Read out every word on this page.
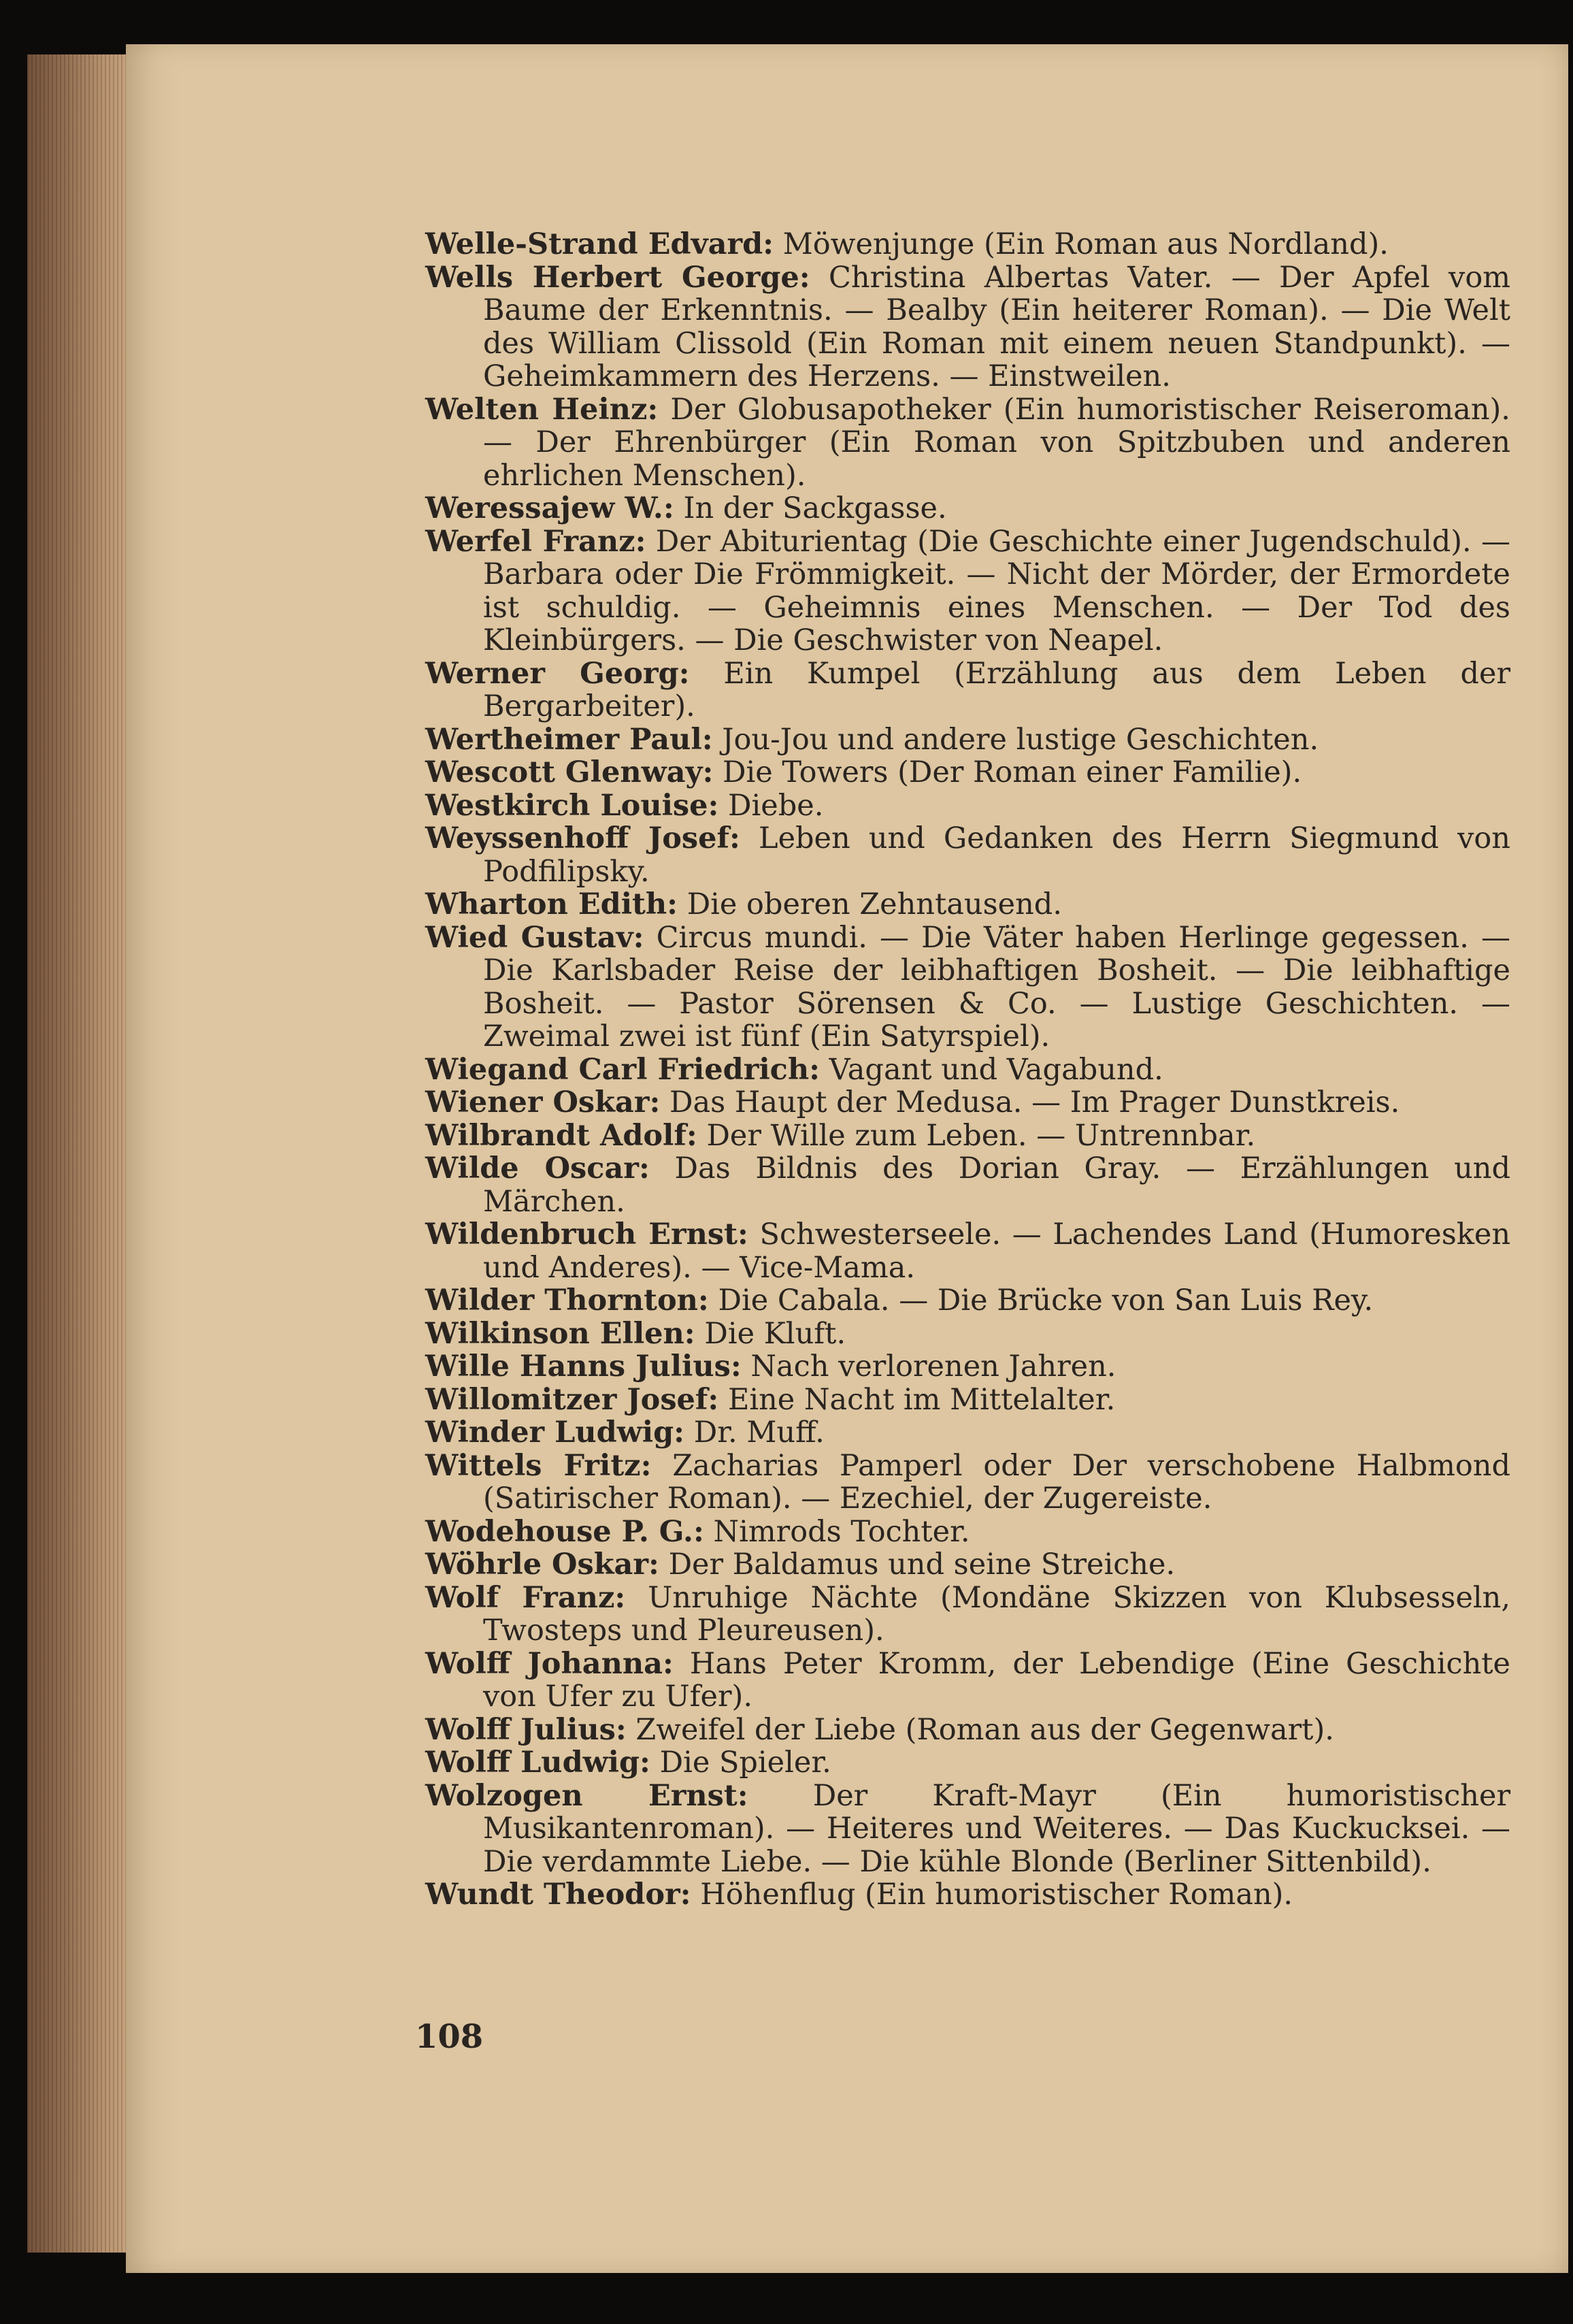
Welle-Strand Edvard: Möwenjunge (Ein Roman aus Nordland).

Wells Herbert George: Christina Albertas Vater. — Der Apfel vom Baume der Erkenntnis. — Bealby (Ein heiterer Roman). — Die Welt des William Clissold (Ein Roman mit einem neuen Standpunkt). — Geheimkammern des Herzens. — Einstweilen.

Welten Heinz: Der Globusapotheker (Ein humoristischer Reiseroman). — Der Ehrenbürger (Ein Roman von Spitzbuben und anderen ehrlichen Menschen).

Weressajew W.: In der Sackgasse.

Werfel Franz: Der Abiturientag (Die Geschichte einer Jugendschuld). — Barbara oder Die Frömmigkeit. — Nicht der Mörder, der Ermordete ist schuldig. — Geheimnis eines Menschen. — Der Tod des Kleinbürgers. — Die Geschwister von Neapel.

Werner Georg: Ein Kumpel (Erzählung aus dem Leben der Bergarbeiter).

Wertheimer Paul: Jou-Jou und andere lustige Geschichten.

Wescott Glenway: Die Towers (Der Roman einer Familie).

Westkirch Louise: Diebe.

Weyssenhoff Josef: Leben und Gedanken des Herrn Siegmund von Podfilipsky.

Wharton Edith: Die oberen Zehntausend.

Wied Gustav: Circus mundi. — Die Väter haben Herlinge gegessen. — Die Karlsbader Reise der leibhaftigen Bosheit. — Die leibhaftige Bosheit. — Pastor Sörensen & Co. — Lustige Geschichten. — Zweimal zwei ist fünf (Ein Satyrspiel).

Wiegand Carl Friedrich: Vagant und Vagabund.

Wiener Oskar: Das Haupt der Medusa. — Im Prager Dunstkreis.

Wilbrandt Adolf: Der Wille zum Leben. — Untrennbar.

Wilde Oscar: Das Bildnis des Dorian Gray. — Erzählungen und Märchen.

Wildenbruch Ernst: Schwesterseele. — Lachendes Land (Humoresken und Anderes). — Vice-Mama.

Wilder Thornton: Die Cabala. — Die Brücke von San Luis Rey.

Wilkinson Ellen: Die Kluft.

Wille Hanns Julius: Nach verlorenen Jahren.

Willomitzer Josef: Eine Nacht im Mittelalter.

Winder Ludwig: Dr. Muff.

Wittels Fritz: Zacharias Pamperl oder Der verschobene Halbmond (Satirischer Roman). — Ezechiel, der Zugereiste.

Wodehouse P. G.: Nimrods Tochter.

Wöhrle Oskar: Der Baldamus und seine Streiche.

Wolf Franz: Unruhige Nächte (Mondäne Skizzen von Klubsesseln, Twosteps und Pleureusen).

Wolff Johanna: Hans Peter Kromm, der Lebendige (Eine Geschichte von Ufer zu Ufer).

Wolff Julius: Zweifel der Liebe (Roman aus der Gegenwart).

Wolff Ludwig: Die Spieler.

Wolzogen Ernst: Der Kraft-Mayr (Ein humoristischer Musikantenroman). — Heiteres und Weiteres. — Das Kuckucksei. — Die verdammte Liebe. — Die kühle Blonde (Berliner Sittenbild).

Wundt Theodor: Höhenflug (Ein humoristischer Roman).

108
